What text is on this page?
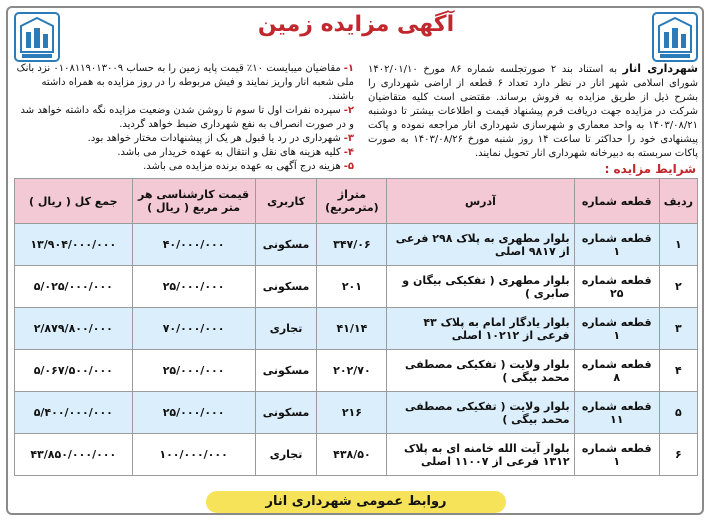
آگهی مزایده زمین
شهرداری انار به استناد بند ۲ صورتجلسه شماره ۸۶ مورخ ۱۴۰۲/۰۱/۱۰ شورای اسلامی شهر انار در نظر دارد تعداد ۶ قطعه از اراضی شهرداری را بشرح ذیل از طریق مزایده به فروش برساند. مقتضی است کلیه متقاضیان شرکت در مزایده جهت دریافت فرم پیشنهاد قیمت و اطلاعات بیشتر تا دوشنبه ۱۴۰۳/۰۸/۲۱ به واحد معماری و شهرسازی شهرداری انار مراجعه نموده و پاکت پیشنهادی خود را حداکثر تا ساعت ۱۴ روز شنبه مورخ ۱۴۰۳/۰۸/۲۶ به صورت پاکات سربسته به دبیرخانه شهرداری انار تحویل نمایند.
۱-مقاضیان میبایست ۱۰٪ قیمت پایه زمین را به حساب ۰۱۰۸۱۱۹۰۱۳۰۰۹ نزد بانک ملی شعبه انار واریز نمایند و فیش مربوطه را در روز مزایده به همراه داشته باشند.
۲-سپرده نفرات اول تا سوم تا روشن شدن وضعیت مزایده نگه داشته خواهد شد و در صورت انصراف به نفع شهرداری ضبط خواهد گردید.
۳-شهرداری در رد یا قبول هر یک از پیشنهادات مختار خواهد بود.
۴-کلیه هزینه های نقل و انتقال به عهده خریدار می باشد.
۵-هزینه درج آگهی به عهده برنده مزایده می باشد.	شرایط مزایده :
ردیف	قطعه شماره	آدرس	متراژ (مترمربع)	کاربری	قیمت کارشناسی هر متر مربع ( ریال )	جمع کل ( ریال )
۱	قطعه شماره ۱	بلوار مطهری به پلاک ۲۹۸ فرعی از ۹۸۱۷ اصلی	۳۴۷/۰۶	مسکونی	۴۰/۰۰۰/۰۰۰	۱۳/۹۰۴/۰۰۰/۰۰۰
۲	قطعه شماره ۲۵	بلوار مطهری ( تفکیکی بیگان و صابری )	۲۰۱	مسکونی	۲۵/۰۰۰/۰۰۰	۵/۰۲۵/۰۰۰/۰۰۰
۳	قطعه شماره ۱	بلوار یادگار امام به پلاک ۴۳ فرعی از ۱۰۲۱۲ اصلی	۴۱/۱۴	تجاری	۷۰/۰۰۰/۰۰۰	۲/۸۷۹/۸۰۰/۰۰۰
۴	قطعه شماره ۸	بلوار ولایت ( تفکیکی مصطفی محمد بیگی )	۲۰۲/۷۰	مسکونی	۲۵/۰۰۰/۰۰۰	۵/۰۶۷/۵۰۰/۰۰۰
۵	قطعه شماره ۱۱	بلوار ولایت ( تفکیکی مصطفی محمد بیگی )	۲۱۶	مسکونی	۲۵/۰۰۰/۰۰۰	۵/۴۰۰/۰۰۰/۰۰۰
۶	قطعه شماره ۱	بلوار آیت الله خامنه ای به پلاک ۱۳۱۲ فرعی از ۱۱۰۰۷ اصلی	۴۳۸/۵۰	تجاری	۱۰۰/۰۰۰/۰۰۰	۴۳/۸۵۰/۰۰۰/۰۰۰
روابط عمومی شهرداری انار
